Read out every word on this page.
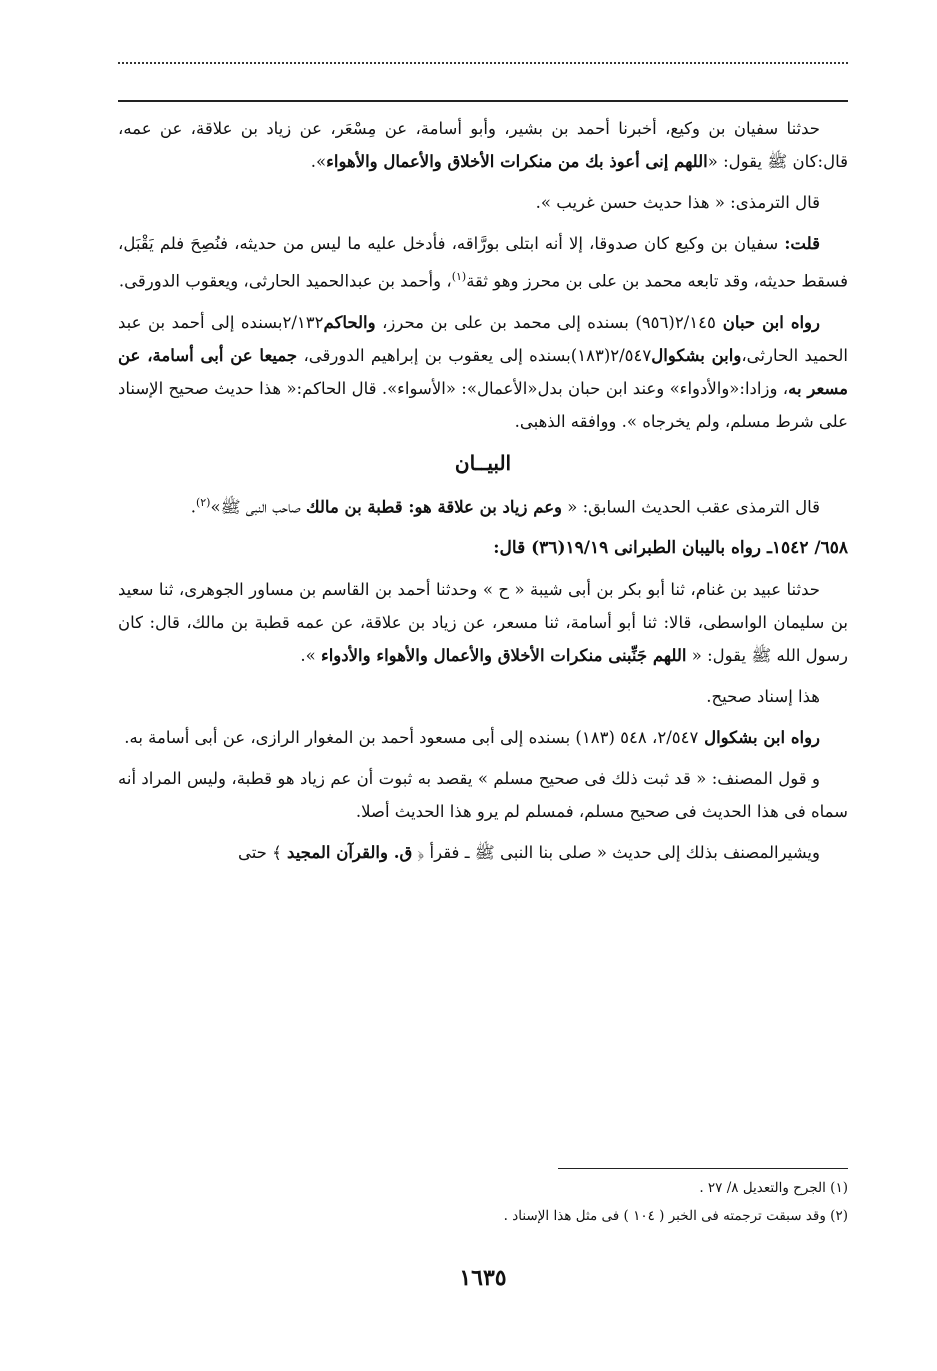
حدثنا سفيان بن وكيع، أخبرنا أحمد بن بشير، وأبو أسامة، عن مِسْعَر، عن زياد بن علاقة، عن عمه، قال:كان ﷺ يقول: «اللهم إنى أعوذ بك من منكرات الأخلاق والأعمال والأهواء».

قال الترمذى: « هذا حديث حسن غريب ».

قلت: سفيان بن وكيع كان صدوقا، إلا أنه ابتلى بورَّاقه، فأدخل عليه ما ليس من حديثه، فنُصِحَ فلم يَقْبَل، فسقط حديثه، وقد تابعه محمد بن على بن محرز وهو ثقة$^{(١)}$، وأحمد بن عبدالحميد الحارثى، ويعقوب الدورقى.

رواه ابن حبان ٢/١٤٥(٩٥٦) بسنده إلى محمد بن على بن محرز، والحاكم٢/١٣٢بسنده إلى أحمد بن عبد الحميد الحارثى،وابن بشكوال٢/٥٤٧(١٨٣)بسنده إلى يعقوب بن إبراهيم الدورقى، جميعا عن أبى أسامة، عن مسعر به، وزادا:«والأدواء» وعند ابن حبان بدل«الأعمال»: «الأسواء». قال الحاكم:« هذا حديث صحيح الإسناد على شرط مسلم، ولم يخرجاه ». ووافقه الذهبى.

البيــان

قال الترمذى عقب الحديث السابق: « وعم زياد بن علاقة هو: قطبة بن مالك صاحب النبى ﷺ»$^{(٢)}$.

٦٥٨/ ١٥٤٢ـ رواه باليبان الطبرانى ١٩/١٩(٣٦) قال:

حدثنا عبيد بن غنام، ثنا أبو بكر بن أبى شيبة « ح » وحدثنا أحمد بن القاسم بن مساور الجوهرى، ثنا سعيد بن سليمان الواسطى، قالا: ثنا أبو أسامة، ثنا مسعر، عن زياد بن علاقة، عن عمه قطبة بن مالك، قال: كان رسول الله ﷺ يقول: « اللهم جَنِّبنى منكرات الأخلاق والأعمال والأهواء والأدواء ».

هذا إسناد صحيح.

رواه ابن بشكوال ٢/٥٤٧، ٥٤٨ (١٨٣) بسنده إلى أبى مسعود أحمد بن المغوار الرازى، عن أبى أسامة به.

و قول المصنف: « قد ثبت ذلك فى صحيح مسلم » يقصد به ثبوت أن عم زياد هو قطبة، وليس المراد أنه سماه فى هذا الحديث فى صحيح مسلم، فمسلم لم يرو هذا الحديث أصلا.

ويشيرالمصنف بذلك إلى حديث « صلى بنا النبى ﷺ ـ فقرأ ﴿ ق. والقرآن المجيد ﴾ حتى

(١) الجرح والتعديل ٨/ ٢٧ .
(٢) وقد سبقت ترجمته فى الخبر ( ١٠٤ ) فى مثل هذا الإسناد .
١٦٣٥
